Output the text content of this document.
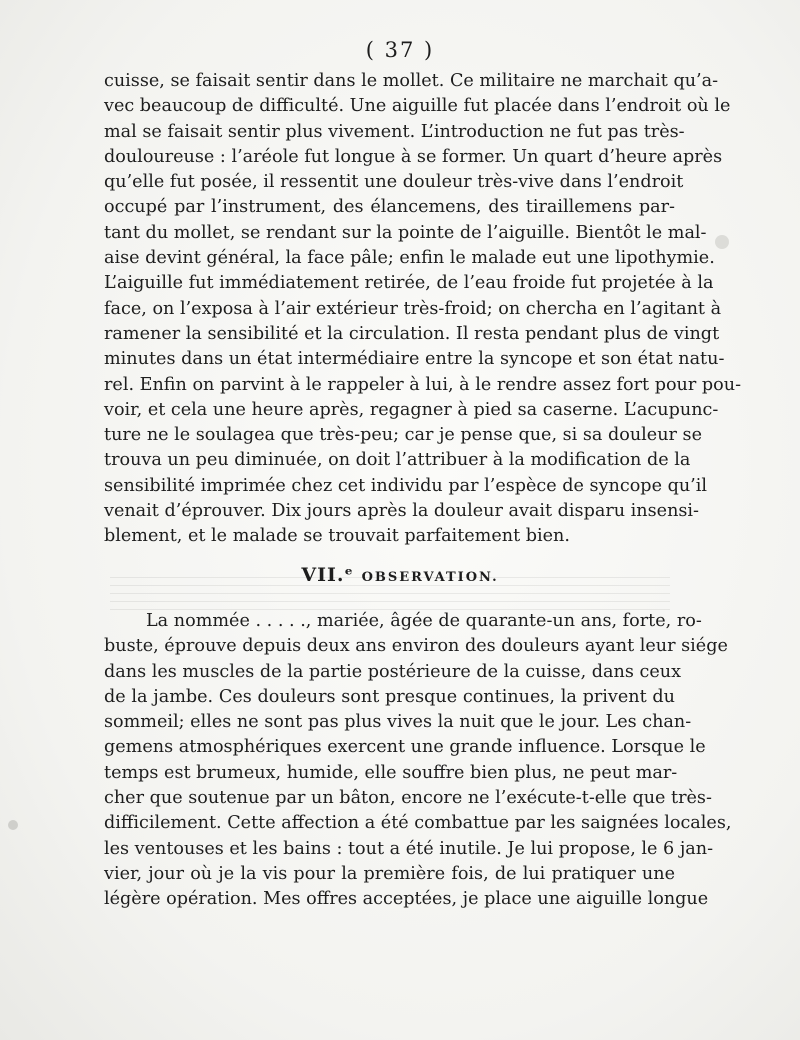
( 37 )
cuisse, se faisait sentir dans le mollet. Ce militaire ne marchait qu’a-
vec beaucoup de difficulté. Une aiguille fut placée dans l’endroit où le
mal se faisait sentir plus vivement. L’introduction ne fut pas très-
douloureuse : l’aréole fut longue à se former. Un quart d’heure après
qu’elle fut posée, il ressentit une douleur très-vive dans l’endroit
occupé par l’instrument, des élancemens, des tiraillemens par-
tant du mollet, se rendant sur la pointe de l’aiguille. Bientôt le mal-
aise devint général, la face pâle; enfin le malade eut une lipothymie.
L’aiguille fut immédiatement retirée, de l’eau froide fut projetée à la
face, on l’exposa à l’air extérieur très-froid; on chercha en l’agitant à
ramener la sensibilité et la circulation. Il resta pendant plus de vingt
minutes dans un état intermédiaire entre la syncope et son état natu-
rel. Enfin on parvint à le rappeler à lui, à le rendre assez fort pour pou-
voir, et cela une heure après, regagner à pied sa caserne. L’acupunc-
ture ne le soulagea que très-peu; car je pense que, si sa douleur se
trouva un peu diminuée, on doit l’attribuer à la modification de la
sensibilité imprimée chez cet individu par l’espèce de syncope qu’il
venait d’éprouver. Dix jours après la douleur avait disparu insensi-
blement, et le malade se trouvait parfaitement bien.
VII.ᵉ OBSERVATION.
La nommée . . . . ., mariée, âgée de quarante-un ans, forte, ro-
buste, éprouve depuis deux ans environ des douleurs ayant leur siége
dans les muscles de la partie postérieure de la cuisse, dans ceux
de la jambe. Ces douleurs sont presque continues, la privent du
sommeil; elles ne sont pas plus vives la nuit que le jour. Les chan-
gemens atmosphériques exercent une grande influence. Lorsque le
temps est brumeux, humide, elle souffre bien plus, ne peut mar-
cher que soutenue par un bâton, encore ne l’exécute-t-elle que très-
difficilement. Cette affection a été combattue par les saignées locales,
les ventouses et les bains : tout a été inutile. Je lui propose, le 6 jan-
vier, jour où je la vis pour la première fois, de lui pratiquer une
légère opération. Mes offres acceptées, je place une aiguille longue
